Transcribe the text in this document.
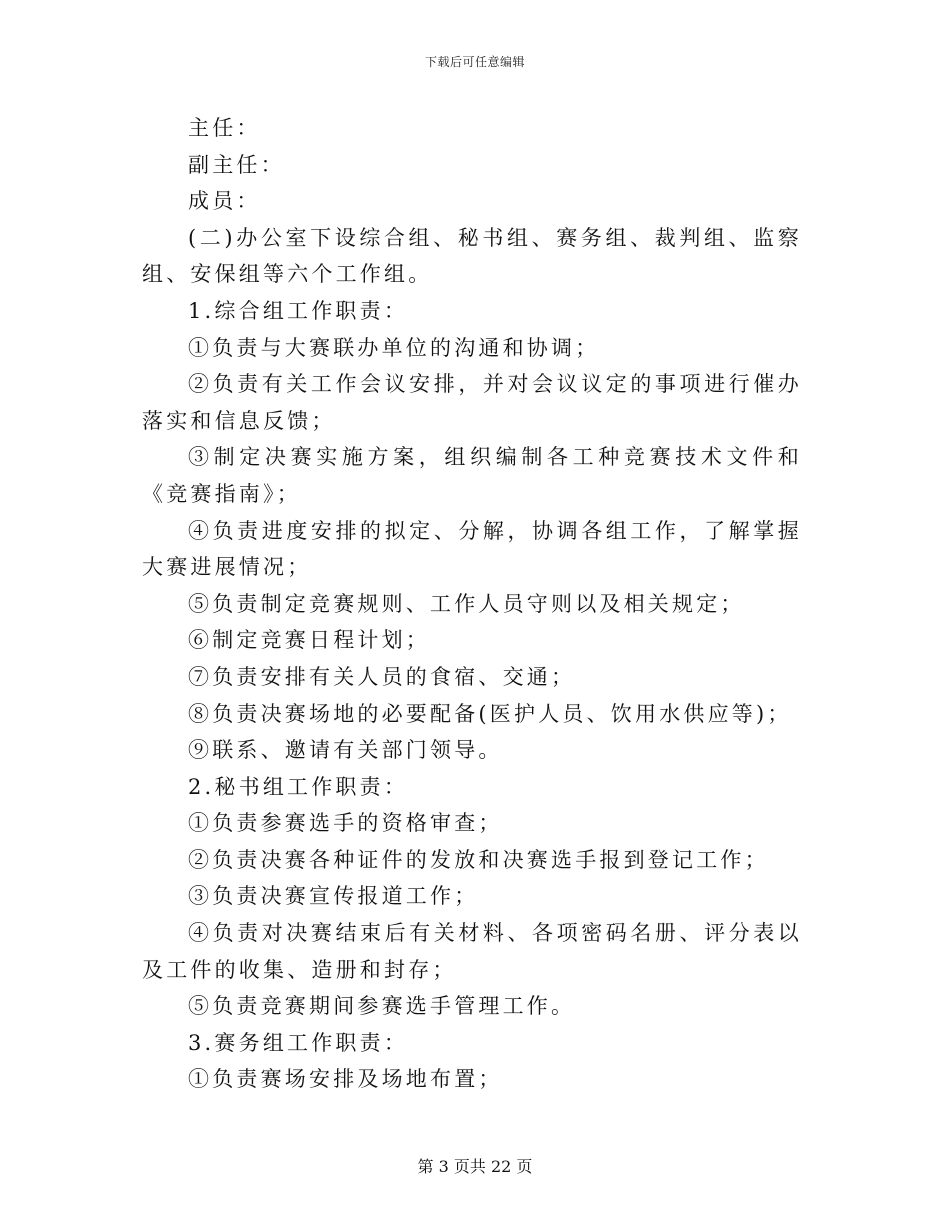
下载后可任意编辑

主任：

副主任：

成员：

(二)办公室下设综合组、秘书组、赛务组、裁判组、监察组、安保组等六个工作组。

1.综合组工作职责：

①负责与大赛联办单位的沟通和协调；

②负责有关工作会议安排，并对会议议定的事项进行催办落实和信息反馈；

③制定决赛实施方案，组织编制各工种竞赛技术文件和《竞赛指南》；

④负责进度安排的拟定、分解，协调各组工作，了解掌握大赛进展情况；

⑤负责制定竞赛规则、工作人员守则以及相关规定；

⑥制定竞赛日程计划；

⑦负责安排有关人员的食宿、交通；

⑧负责决赛场地的必要配备(医护人员、饮用水供应等)；

⑨联系、邀请有关部门领导。

2.秘书组工作职责：

①负责参赛选手的资格审查；

②负责决赛各种证件的发放和决赛选手报到登记工作；

③负责决赛宣传报道工作；

④负责对决赛结束后有关材料、各项密码名册、评分表以及工件的收集、造册和封存；

⑤负责竞赛期间参赛选手管理工作。

3.赛务组工作职责：

①负责赛场安排及场地布置；

第 3 页共 22 页
